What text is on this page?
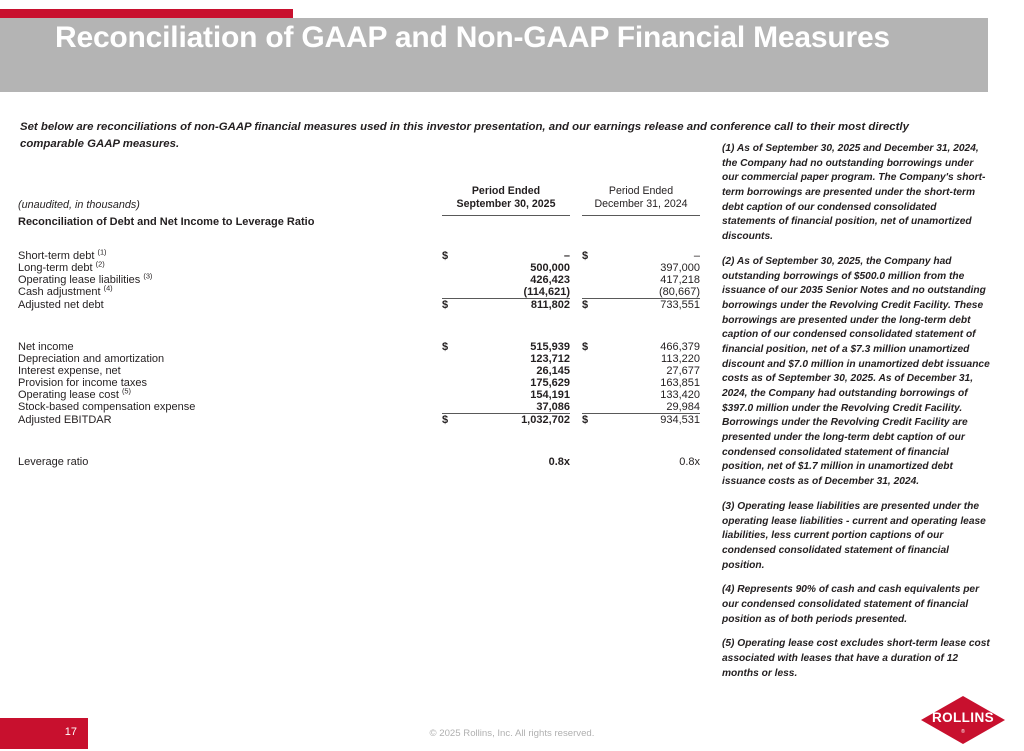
Reconciliation of GAAP and Non-GAAP Financial Measures
Set below are reconciliations of non-GAAP financial measures used in this investor presentation, and our earnings release and conference call to their most directly comparable GAAP measures.
(unaudited, in thousands)	
Period Ended
September 30, 2025

Period Ended
December 31, 2024

Reconciliation of Debt and Net Income to Leverage Ratio					

Short-term debt $^{(1)}$	$	–		$	–
Long-term debt $^{(2)}$		500,000			397,000
Operating lease liabilities $^{(3)}$		426,423			417,218
Cash adjustment $^{(4)}$		(114,621)			(80,667)
Adjusted net debt	$	811,802		$	733,551

Net income	$	515,939		$	466,379
Depreciation and amortization		123,712			113,220
Interest expense, net		26,145			27,677
Provision for income taxes		175,629			163,851
Operating lease cost $^{(5)}$		154,191			133,420
Stock-based compensation expense		37,086			29,984
Adjusted EBITDAR	$	1,032,702		$	934,531

Leverage ratio		0.8x			0.8x

(1) As of September 30, 2025 and December 31, 2024, the Company had no outstanding borrowings under our commercial paper program. The Company's short-term borrowings are presented under the short-term debt caption of our condensed consolidated statements of financial position, net of unamortized discounts.

(2) As of September 30, 2025, the Company had outstanding borrowings of $500.0 million from the issuance of our 2035 Senior Notes and no outstanding borrowings under the Revolving Credit Facility. These borrowings are presented under the long-term debt caption of our condensed consolidated statement of financial position, net of a $7.3 million unamortized discount and $7.0 million in unamortized debt issuance costs as of September 30, 2025. As of December 31, 2024, the Company had outstanding borrowings of $397.0 million under the Revolving Credit Facility. Borrowings under the Revolving Credit Facility are presented under the long-term debt caption of our condensed consolidated statement of financial position, net of $1.7 million in unamortized debt issuance costs as of December 31, 2024.

(3) Operating lease liabilities are presented under the operating lease liabilities - current and operating lease liabilities, less current portion captions of our condensed consolidated statement of financial position.

(4) Represents 90% of cash and cash equivalents per our condensed consolidated statement of financial position as of both periods presented.

(5) Operating lease cost excludes short-term lease cost associated with leases that have a duration of 12 months or less.

17	© 2025 Rollins, Inc. All rights reserved.
ROLLINS
®
